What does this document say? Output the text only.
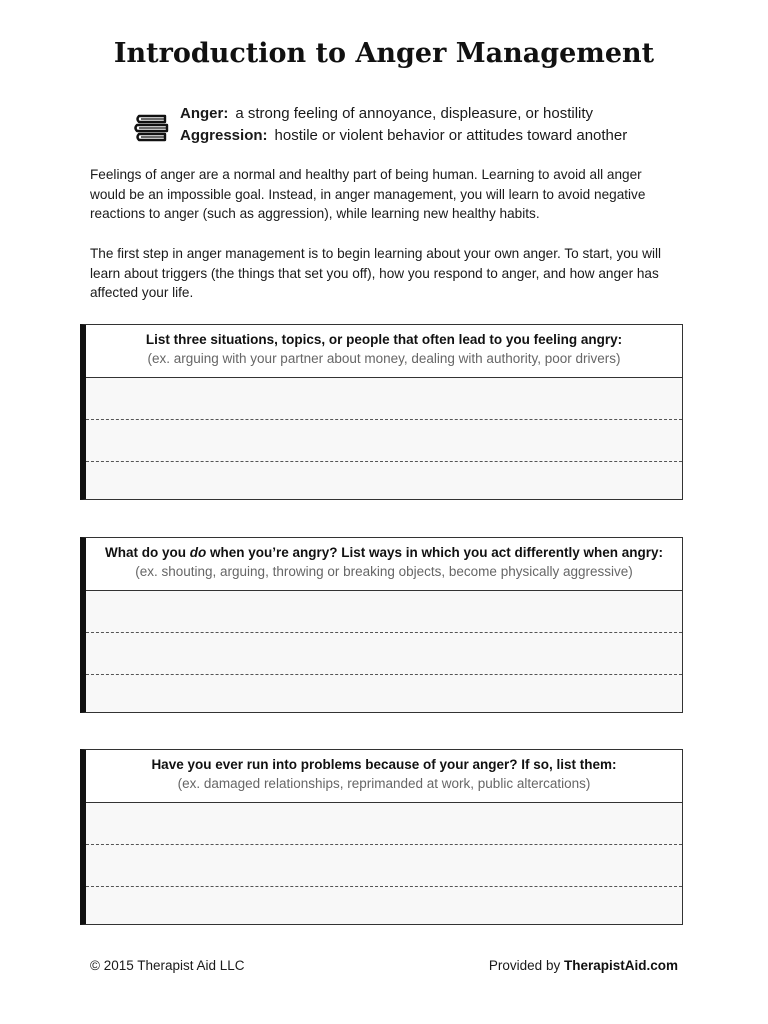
Introduction to Anger Management
Anger: a strong feeling of annoyance, displeasure, or hostility
Aggression: hostile or violent behavior or attitudes toward another

Feelings of anger are a normal and healthy part of being human. Learning to avoid all anger would be an impossible goal. Instead, in anger management, you will learn to avoid negative reactions to anger (such as aggression), while learning new healthy habits.

The first step in anger management is to begin learning about your own anger. To start, you will learn about triggers (the things that set you off), how you respond to anger, and how anger has affected your life.

List three situations, topics, or people that often lead to you feeling angry:
(ex. arguing with your partner about money, dealing with authority, poor drivers)
What do you do when you’re angry? List ways in which you act differently when angry:
(ex. shouting, arguing, throwing or breaking objects, become physically aggressive)
Have you ever run into problems because of your anger? If so, list them:
(ex. damaged relationships, reprimanded at work, public altercations)
© 2015 Therapist Aid LLC	Provided by TherapistAid.com
